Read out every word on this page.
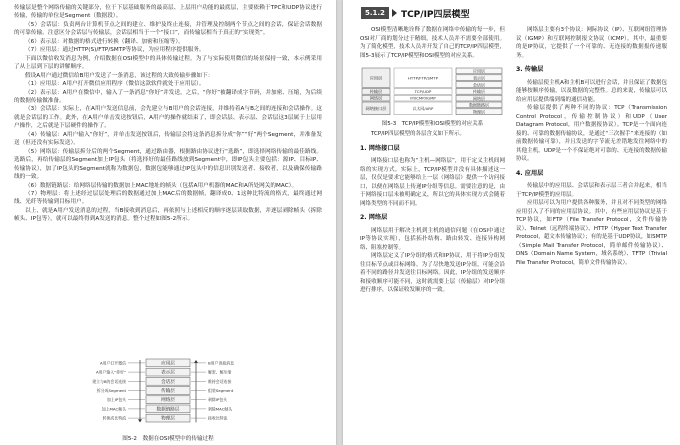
传输层是整个网络传输的关键部分，位于下层基础服务的最高层、上层用户功能的最底层，主要依赖于TPC和UDP协议进行传输，传输的单位是Segment（数据段）。

（5）会话层：负责两台计算机节点之间的建立、维护及终止连接，并管理及控制两个节点之间的会话，保证会话数据的可靠传输。注意区分会话层与传输层，会话层相当于一个“接口”，而传输层相当于真正的“实现类”。

（6）表示层：对数据的格式进行转换（翻译、加密和压缩等）。

（7）应用层：通过HTTP(S)/FTP/SMTP等协议，为应用程序提供服务。

下面以微信收发消息为例，介绍数据在OSI模型中的具体传输过程。为了与实际使用微信的场景保持一致，本示例采用了从上层到下层的讲解顺序。

假设A用户通过微信给B用户发送了一条消息，该过程的大致传输步骤如下：

（1）应用层：A用户打开微信应用程序（微信这款软件就处于应用层）。

（2）表示层：A用户在微信中，输入了一条消息“你好”并发送。之后，“你好”被翻译成字节码，并加密、压缩，为后续的数据传输做准备。

（3）会话层：实际上，在A用户发送信息前，会先建立与B用户的会话连接，并维持着A与B之间的连接和会话操作。这就是会话层的工作。此外，在A用户单击发送按钮后，A用户的操作就结束了，即会话层、表示层、会话层这3层属于上层用户操作，之后就是下层硬件的操作了。

（4）传输层：A用户输入“你好”，并单击发送按钮后，传输层会将这条消息拆分成“你”“好”两个Segment，并准备发送（但还没有实际发送）。

（5）网络层：传输层拆分后的两个Segment，通过路由器，根据路由协议进行“选路”，即选择网络传输的最佳路线。选路后，再给传输层的Segment加上IP包头（将选择好的最佳路线放到Segment中，即IP包头主要包括：源IP、目标IP、传输协议），加了IP包头的Segment就称为数据包，数据包能够通过IP包头中的信息识别发送者、接收者，以及确保传输路线的一致。

（6）数据链路层：给网络层传输的数据加上MAC地址的帧头（包括A用户机器的MAC和A所处网关的MAC）。

（7）物理层：将上述经过层层处理后的数据通过加上MAC后的数据帧，翻译成0、1这种比特流的格式，最终通过网线、光纤等传输到目标用户。

以上，就是A用户发送消息的过程，当B接收到消息后，再依照与上述相反的顺序逐层读取数据，并逐层剥除帧头（拆除帧头、IP包等），就可以最终得到A发送的消息。整个过程如图5-2所示。

A用户打开微信
A用户输入“你好”
建立与B的会话连接
拆分成Segment
加上IP包头
加上MAC帧头
转换成比特流
应用层
表示层
会话层
传输层
网络层
数据链路层
物理层
B用户读取消息
解密、解压缩
维持会话连接
组装Segment
剥除IP包头
剥除MAC帧头
接收比特流
图5-2　数据在OSI模型中的传输过程
5.1.2	TCP/IP四层模型

OSI模型清晰地诠释了数据在网络中传输的每一步，但OSI对厂商的划分过于精细，技术人员并不需要全部使用。为了简化模型，技术人员并开发了自己的TCP/IP四层模型，图5-3展示了TCP/IP模型和OSI模型的对应关系。

应用层	HTTP/FTP/SMTP
传输层	TCP/UDP
网络层	IP/ICMP/IGMP
网络接口层	以太网/ARP
应用层
表示层
会话层
传输层
网络层
数据链路层
物理层
图5-3　TCP/IP模型和OSI模型的对应关系

TCP/IP四层模型的各层含义如下所示。

1. 网络接口层

网络接口层也称为“主机—网络层”，用于定义主机间网络的实现方式。实际上，TCP/IP模型并没有具体描述这一层，仅仅是要求它能够给上一层（网络层）提供一个访问接口，以便在网络层上传递IP分组等信息。需要注意的是，由于网络接口层未被明确定义，所以它的具体实现方式会随着网络类型的不同而不同。

2. 网络层

网络层用于解决主机到主机的通信问题（在OSI中通过IP等协议实现），包括拓扑结构、路由转发、连接异构网络、阻塞控制等。

网络层定义了IP分组的格式和IP协议，用于将IP分组发往目标节点或目标网络。为了尽快地发送IP分组，可能会沿着不同的路径并发送往目标网络。因此，IP分组的发送顺序和接收顺序可能不同，这时就需要上层（传输层）对IP分组进行排序，以保证收发顺序的一致。

网络层主要有3个协议：网际协议（IP）、互联网组管理协议（IGMP）和互联网控制报文协议（ICMP）。其中，最重要的是IP协议，它提供了一个可靠的、无连接的数据报传递服务。

3. 传输层

传输层使主机A和主机B可以进行会话，并且保证了数据包能够按顺序传输，以及数据的完整性。总的来说，传输层可以给应用层提供端到端的通信功能。

传输层提供了两种不同的协议：TCP（Transmission Control Protocol，传输控制协议）和UDP（User Datagram Protocol，用户数据报协议）。TCP是一个面向连接的、可靠的数据传输协议，是通过“三次握手”来连接的（如前数据传输可靠），并且发送的字节流无差错地发往网络中的其他主机。UDP是一个不保证绝对可靠的、无连接的数据传输协议。

4. 应用层

传输层中的应用层、会话层和表示层三者合并起来，相当于TCP/IP模型的应用层。

应用层可以为用户提供各种服务，并且对不同类型的网络应用引入了不同的应用层协议。其中，有些应用层协议是基于TCP协议，如FTP（File Transfer Protocol，文件传输协议）、Telnet（远程终端协议）、HTTP（Hyper Text Transfer Protocol，超文本传输协议）；有的是基于UDP协议，如SMTP（Simple Mail Transfer Protocol，简单邮件传输协议）、DNS（Domain Name System，域名系统）、TFTP（Trivial File Transfer Protocol，简单文件传输协议）。
